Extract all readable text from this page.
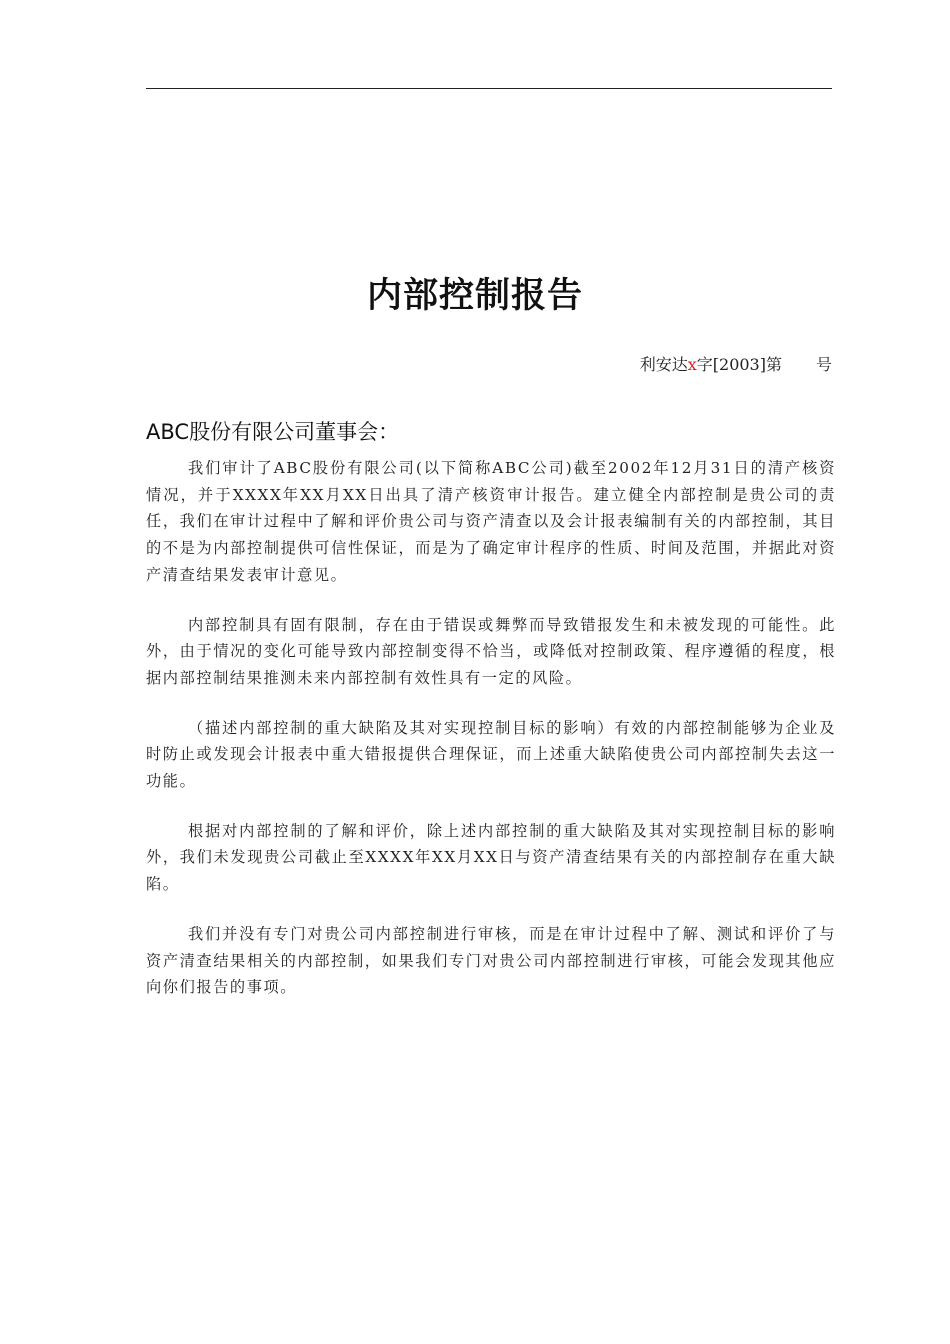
内部控制报告
利安达x字[2003]第 号
ABC股份有限公司董事会：

我们审计了ABC股份有限公司(以下简称ABC公司)截至2002年12月31日的清产核资情况，并于XXXX年XX月XX日出具了清产核资审计报告。建立健全内部控制是贵公司的责任，我们在审计过程中了解和评价贵公司与资产清查以及会计报表编制有关的内部控制，其目的不是为内部控制提供可信性保证，而是为了确定审计程序的性质、时间及范围，并据此对资产清查结果发表审计意见。

内部控制具有固有限制，存在由于错误或舞弊而导致错报发生和未被发现的可能性。此外，由于情况的变化可能导致内部控制变得不恰当，或降低对控制政策、程序遵循的程度，根据内部控制结果推测未来内部控制有效性具有一定的风险。

（描述内部控制的重大缺陷及其对实现控制目标的影响）有效的内部控制能够为企业及时防止或发现会计报表中重大错报提供合理保证，而上述重大缺陷使贵公司内部控制失去这一功能。

根据对内部控制的了解和评价，除上述内部控制的重大缺陷及其对实现控制目标的影响外，我们未发现贵公司截止至XXXX年XX月XX日与资产清查结果有关的内部控制存在重大缺陷。

我们并没有专门对贵公司内部控制进行审核，而是在审计过程中了解、测试和评价了与资产清查结果相关的内部控制，如果我们专门对贵公司内部控制进行审核，可能会发现其他应向你们报告的事项。
